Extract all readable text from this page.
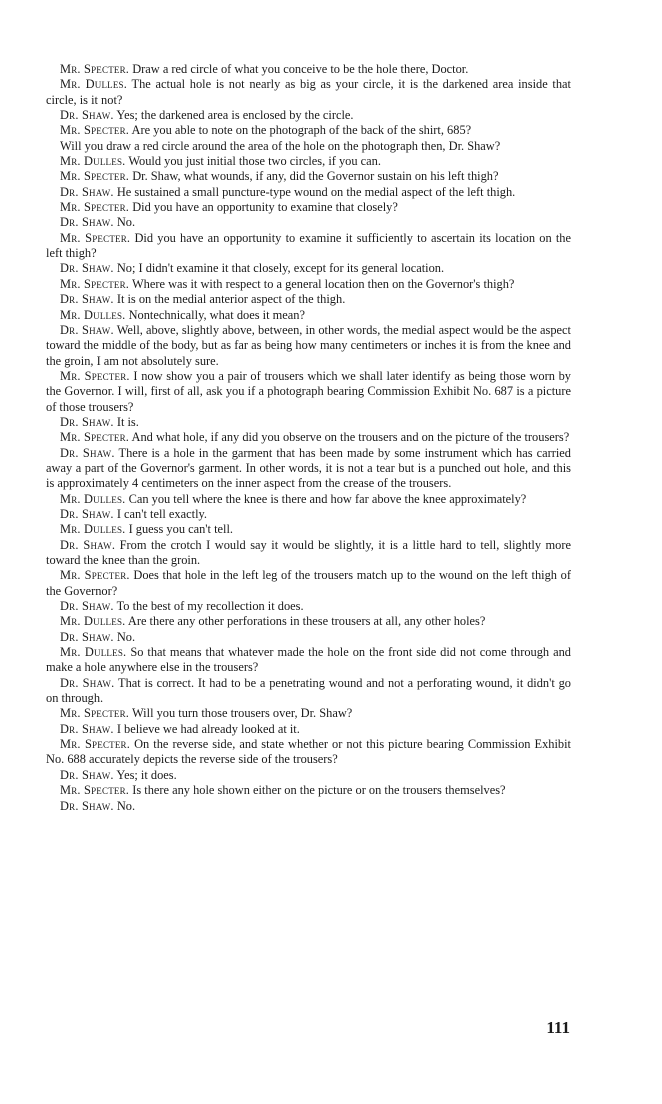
Mr. Specter. Draw a red circle of what you conceive to be the hole there, Doctor.

Mr. Dulles. The actual hole is not nearly as big as your circle, it is the darkened area inside that circle, is it not?

Dr. Shaw. Yes; the darkened area is enclosed by the circle.

Mr. Specter. Are you able to note on the photograph of the back of the shirt, 685?

Will you draw a red circle around the area of the hole on the photograph then, Dr. Shaw?

Mr. Dulles. Would you just initial those two circles, if you can.

Mr. Specter. Dr. Shaw, what wounds, if any, did the Governor sustain on his left thigh?

Dr. Shaw. He sustained a small puncture-type wound on the medial aspect of the left thigh.

Mr. Specter. Did you have an opportunity to examine that closely?

Dr. Shaw. No.

Mr. Specter. Did you have an opportunity to examine it sufficiently to ascertain its location on the left thigh?

Dr. Shaw. No; I didn't examine it that closely, except for its general location.

Mr. Specter. Where was it with respect to a general location then on the Governor's thigh?

Dr. Shaw. It is on the medial anterior aspect of the thigh.

Mr. Dulles. Nontechnically, what does it mean?

Dr. Shaw. Well, above, slightly above, between, in other words, the medial aspect would be the aspect toward the middle of the body, but as far as being how many centimeters or inches it is from the knee and the groin, I am not absolutely sure.

Mr. Specter. I now show you a pair of trousers which we shall later identify as being those worn by the Governor. I will, first of all, ask you if a photograph bearing Commission Exhibit No. 687 is a picture of those trousers?

Dr. Shaw. It is.

Mr. Specter. And what hole, if any did you observe on the trousers and on the picture of the trousers?

Dr. Shaw. There is a hole in the garment that has been made by some instrument which has carried away a part of the Governor's garment. In other words, it is not a tear but is a punched out hole, and this is approximately 4 centimeters on the inner aspect from the crease of the trousers.

Mr. Dulles. Can you tell where the knee is there and how far above the knee approximately?

Dr. Shaw. I can't tell exactly.

Mr. Dulles. I guess you can't tell.

Dr. Shaw. From the crotch I would say it would be slightly, it is a little hard to tell, slightly more toward the knee than the groin.

Mr. Specter. Does that hole in the left leg of the trousers match up to the wound on the left thigh of the Governor?

Dr. Shaw. To the best of my recollection it does.

Mr. Dulles. Are there any other perforations in these trousers at all, any other holes?

Dr. Shaw. No.

Mr. Dulles. So that means that whatever made the hole on the front side did not come through and make a hole anywhere else in the trousers?

Dr. Shaw. That is correct. It had to be a penetrating wound and not a perforating wound, it didn't go on through.

Mr. Specter. Will you turn those trousers over, Dr. Shaw?

Dr. Shaw. I believe we had already looked at it.

Mr. Specter. On the reverse side, and state whether or not this picture bearing Commission Exhibit No. 688 accurately depicts the reverse side of the trousers?

Dr. Shaw. Yes; it does.

Mr. Specter. Is there any hole shown either on the picture or on the trousers themselves?

Dr. Shaw. No.

111
